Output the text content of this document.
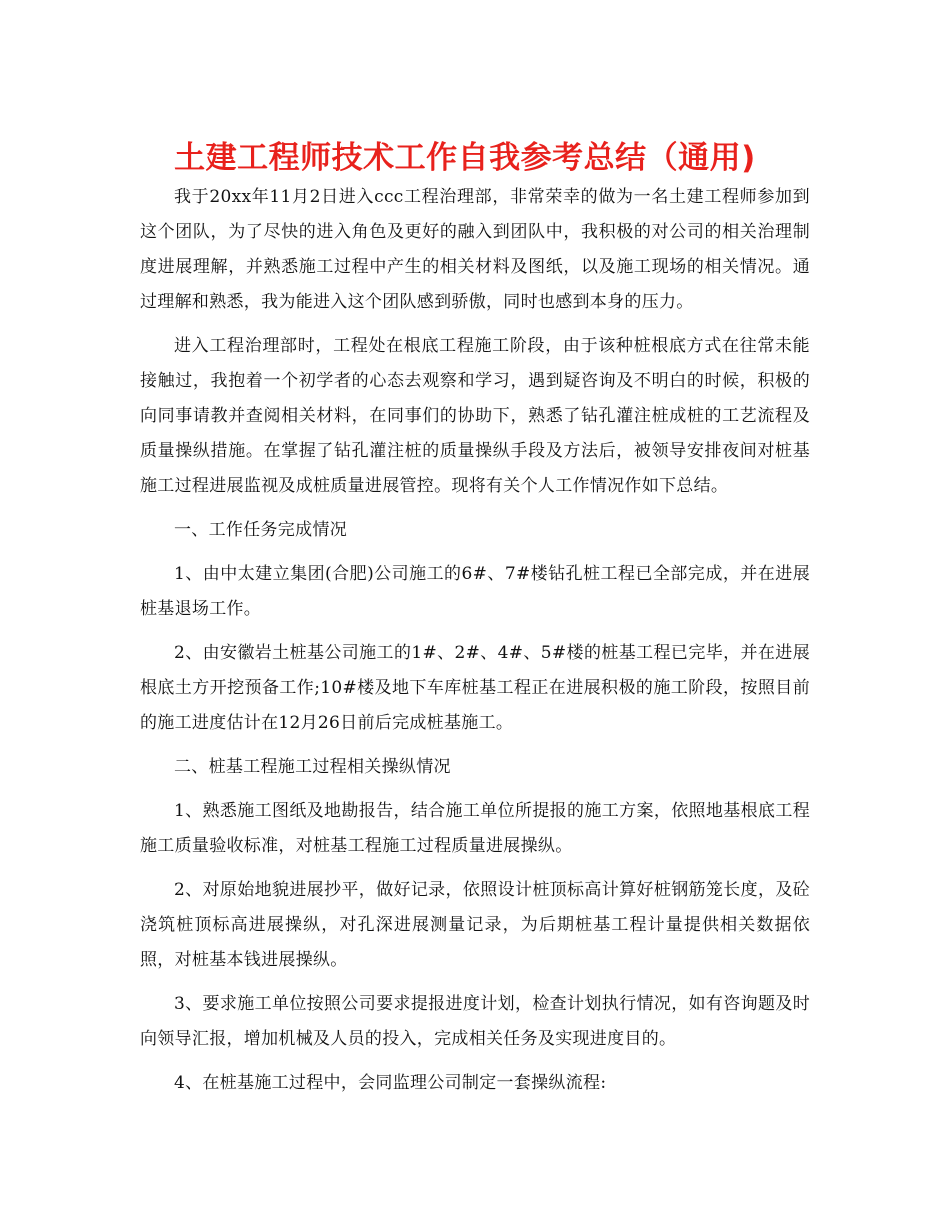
土建工程师技术工作自我参考总结（通用)

我于20xx年11月2日进入ccc工程治理部，非常荣幸的做为一名土建工程师参加到这个团队，为了尽快的进入角色及更好的融入到团队中，我积极的对公司的相关治理制度进展理解，并熟悉施工过程中产生的相关材料及图纸，以及施工现场的相关情况。通过理解和熟悉，我为能进入这个团队感到骄傲，同时也感到本身的压力。

进入工程治理部时，工程处在根底工程施工阶段，由于该种桩根底方式在往常未能接触过，我抱着一个初学者的心态去观察和学习，遇到疑咨询及不明白的时候，积极的向同事请教并查阅相关材料，在同事们的协助下，熟悉了钻孔灌注桩成桩的工艺流程及质量操纵措施。在掌握了钻孔灌注桩的质量操纵手段及方法后，被领导安排夜间对桩基施工过程进展监视及成桩质量进展管控。现将有关个人工作情况作如下总结。

一、工作任务完成情况

1、由中太建立集团(合肥)公司施工的6#、7#楼钻孔桩工程已全部完成，并在进展桩基退场工作。

2、由安徽岩土桩基公司施工的1#、2#、4#、5#楼的桩基工程已完毕，并在进展根底土方开挖预备工作;10#楼及地下车库桩基工程正在进展积极的施工阶段，按照目前的施工进度估计在12月26日前后完成桩基施工。

二、桩基工程施工过程相关操纵情况

1、熟悉施工图纸及地勘报告，结合施工单位所提报的施工方案，依照地基根底工程施工质量验收标准，对桩基工程施工过程质量进展操纵。

2、对原始地貌进展抄平，做好记录，依照设计桩顶标高计算好桩钢筋笼长度，及砼浇筑桩顶标高进展操纵，对孔深进展测量记录，为后期桩基工程计量提供相关数据依照，对桩基本钱进展操纵。

3、要求施工单位按照公司要求提报进度计划，检查计划执行情况，如有咨询题及时向领导汇报，增加机械及人员的投入，完成相关任务及实现进度目的。

4、在桩基施工过程中，会同监理公司制定一套操纵流程:
